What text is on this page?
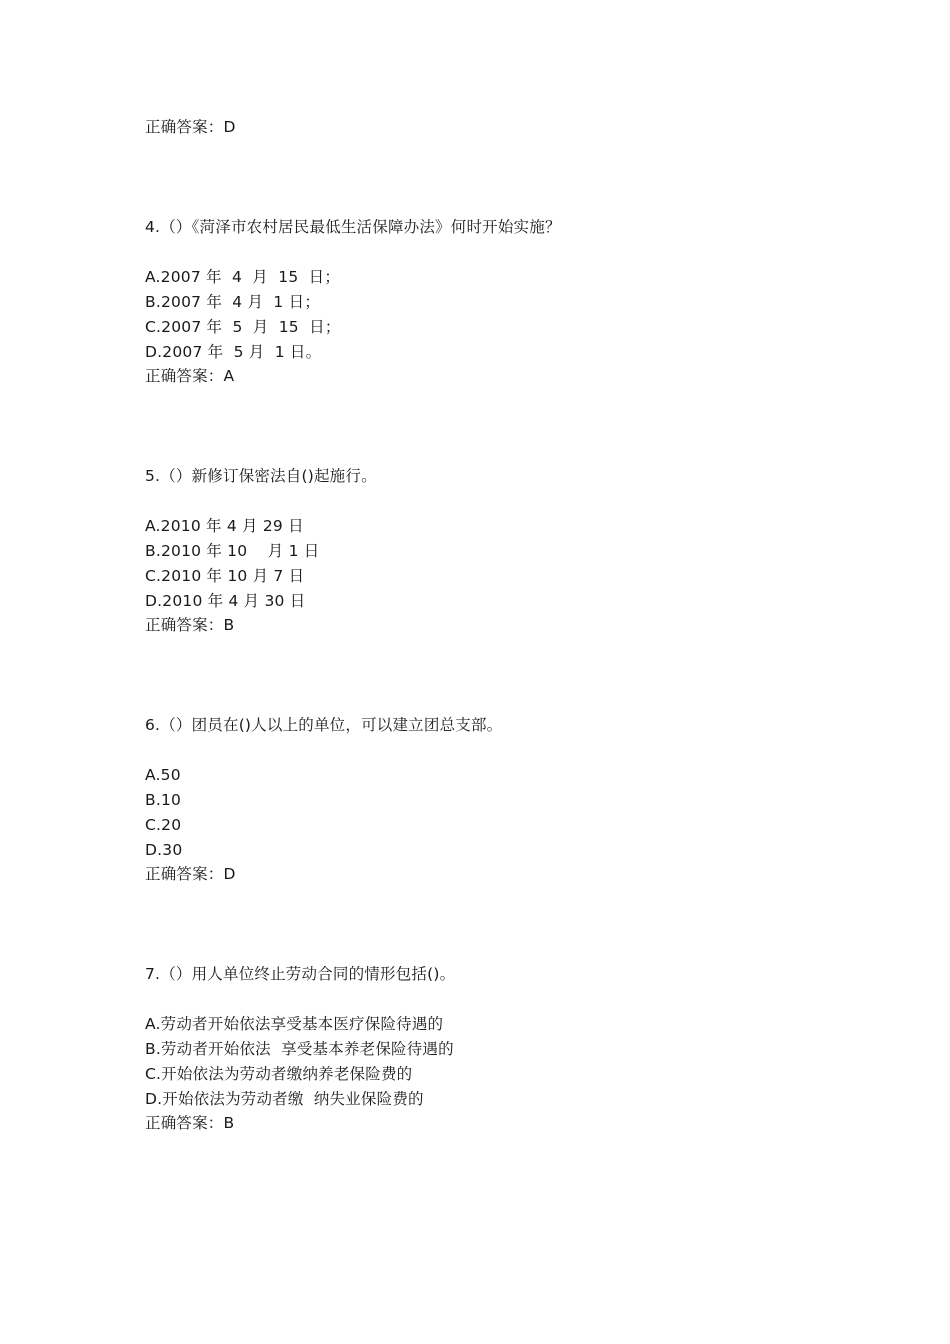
正确答案：D
4.（）《菏泽市农村居民最低生活保障办法》何时开始实施？
A.2007 年  4  月  15  日；
B.2007 年  4 月  1 日；
C.2007 年  5  月  15  日；
D.2007 年  5 月  1 日。
正确答案：A
5.（）新修订保密法自()起施行。
A.2010 年 4 月 29 日
B.2010 年 10    月 1 日
C.2010 年 10 月 7 日
D.2010 年 4 月 30 日
正确答案：B
6.（）团员在()人以上的单位，可以建立团总支部。
A.50
B.10
C.20
D.30
正确答案：D
7.（）用人单位终止劳动合同的情形包括()。
A.劳动者开始依法享受基本医疗保险待遇的
B.劳动者开始依法  享受基本养老保险待遇的
C.开始依法为劳动者缴纳养老保险费的
D.开始依法为劳动者缴  纳失业保险费的
正确答案：B
